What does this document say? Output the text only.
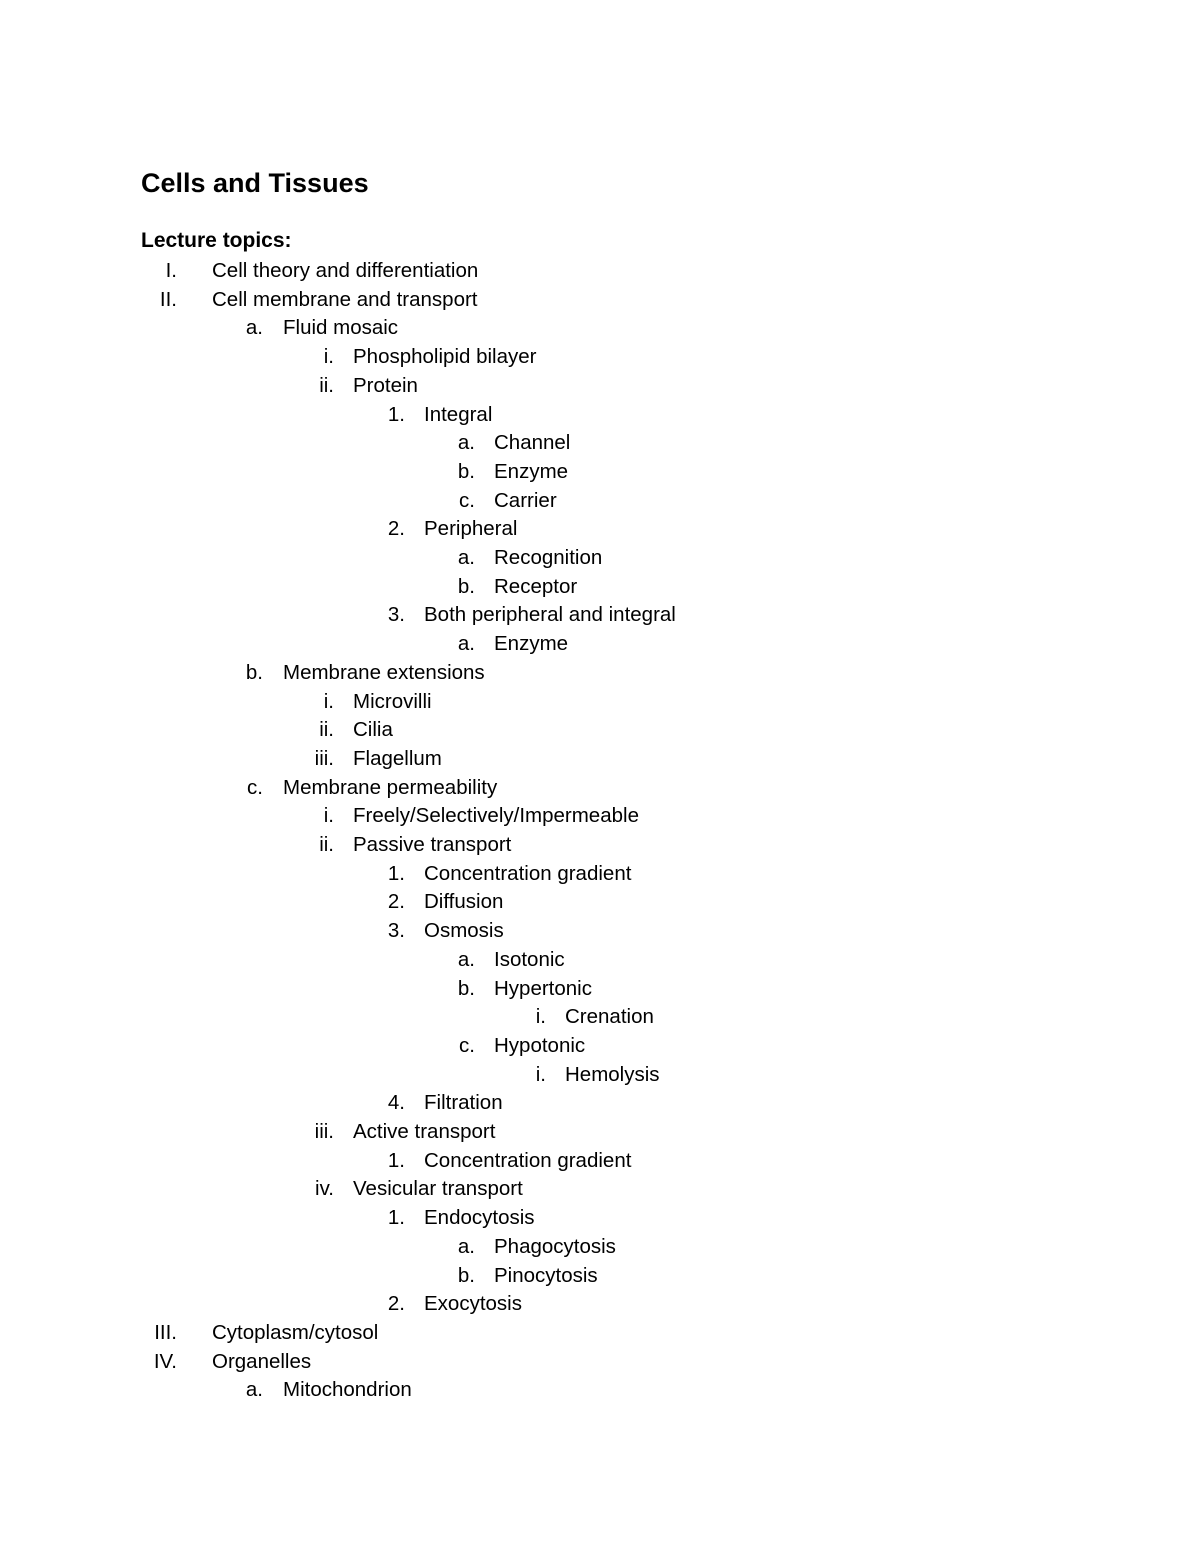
Cells and Tissues
Lecture topics:
I. Cell theory and differentiation
II. Cell membrane and transport
a. Fluid mosaic
i. Phospholipid bilayer
ii. Protein
1. Integral
a. Channel
b. Enzyme
c. Carrier
2. Peripheral
a. Recognition
b. Receptor
3. Both peripheral and integral
a. Enzyme
b. Membrane extensions
i. Microvilli
ii. Cilia
iii. Flagellum
c. Membrane permeability
i. Freely/Selectively/Impermeable
ii. Passive transport
1. Concentration gradient
2. Diffusion
3. Osmosis
a. Isotonic
b. Hypertonic
i. Crenation
c. Hypotonic
i. Hemolysis
4. Filtration
iii. Active transport
1. Concentration gradient
iv. Vesicular transport
1. Endocytosis
a. Phagocytosis
b. Pinocytosis
2. Exocytosis
III. Cytoplasm/cytosol
IV. Organelles
a. Mitochondrion
